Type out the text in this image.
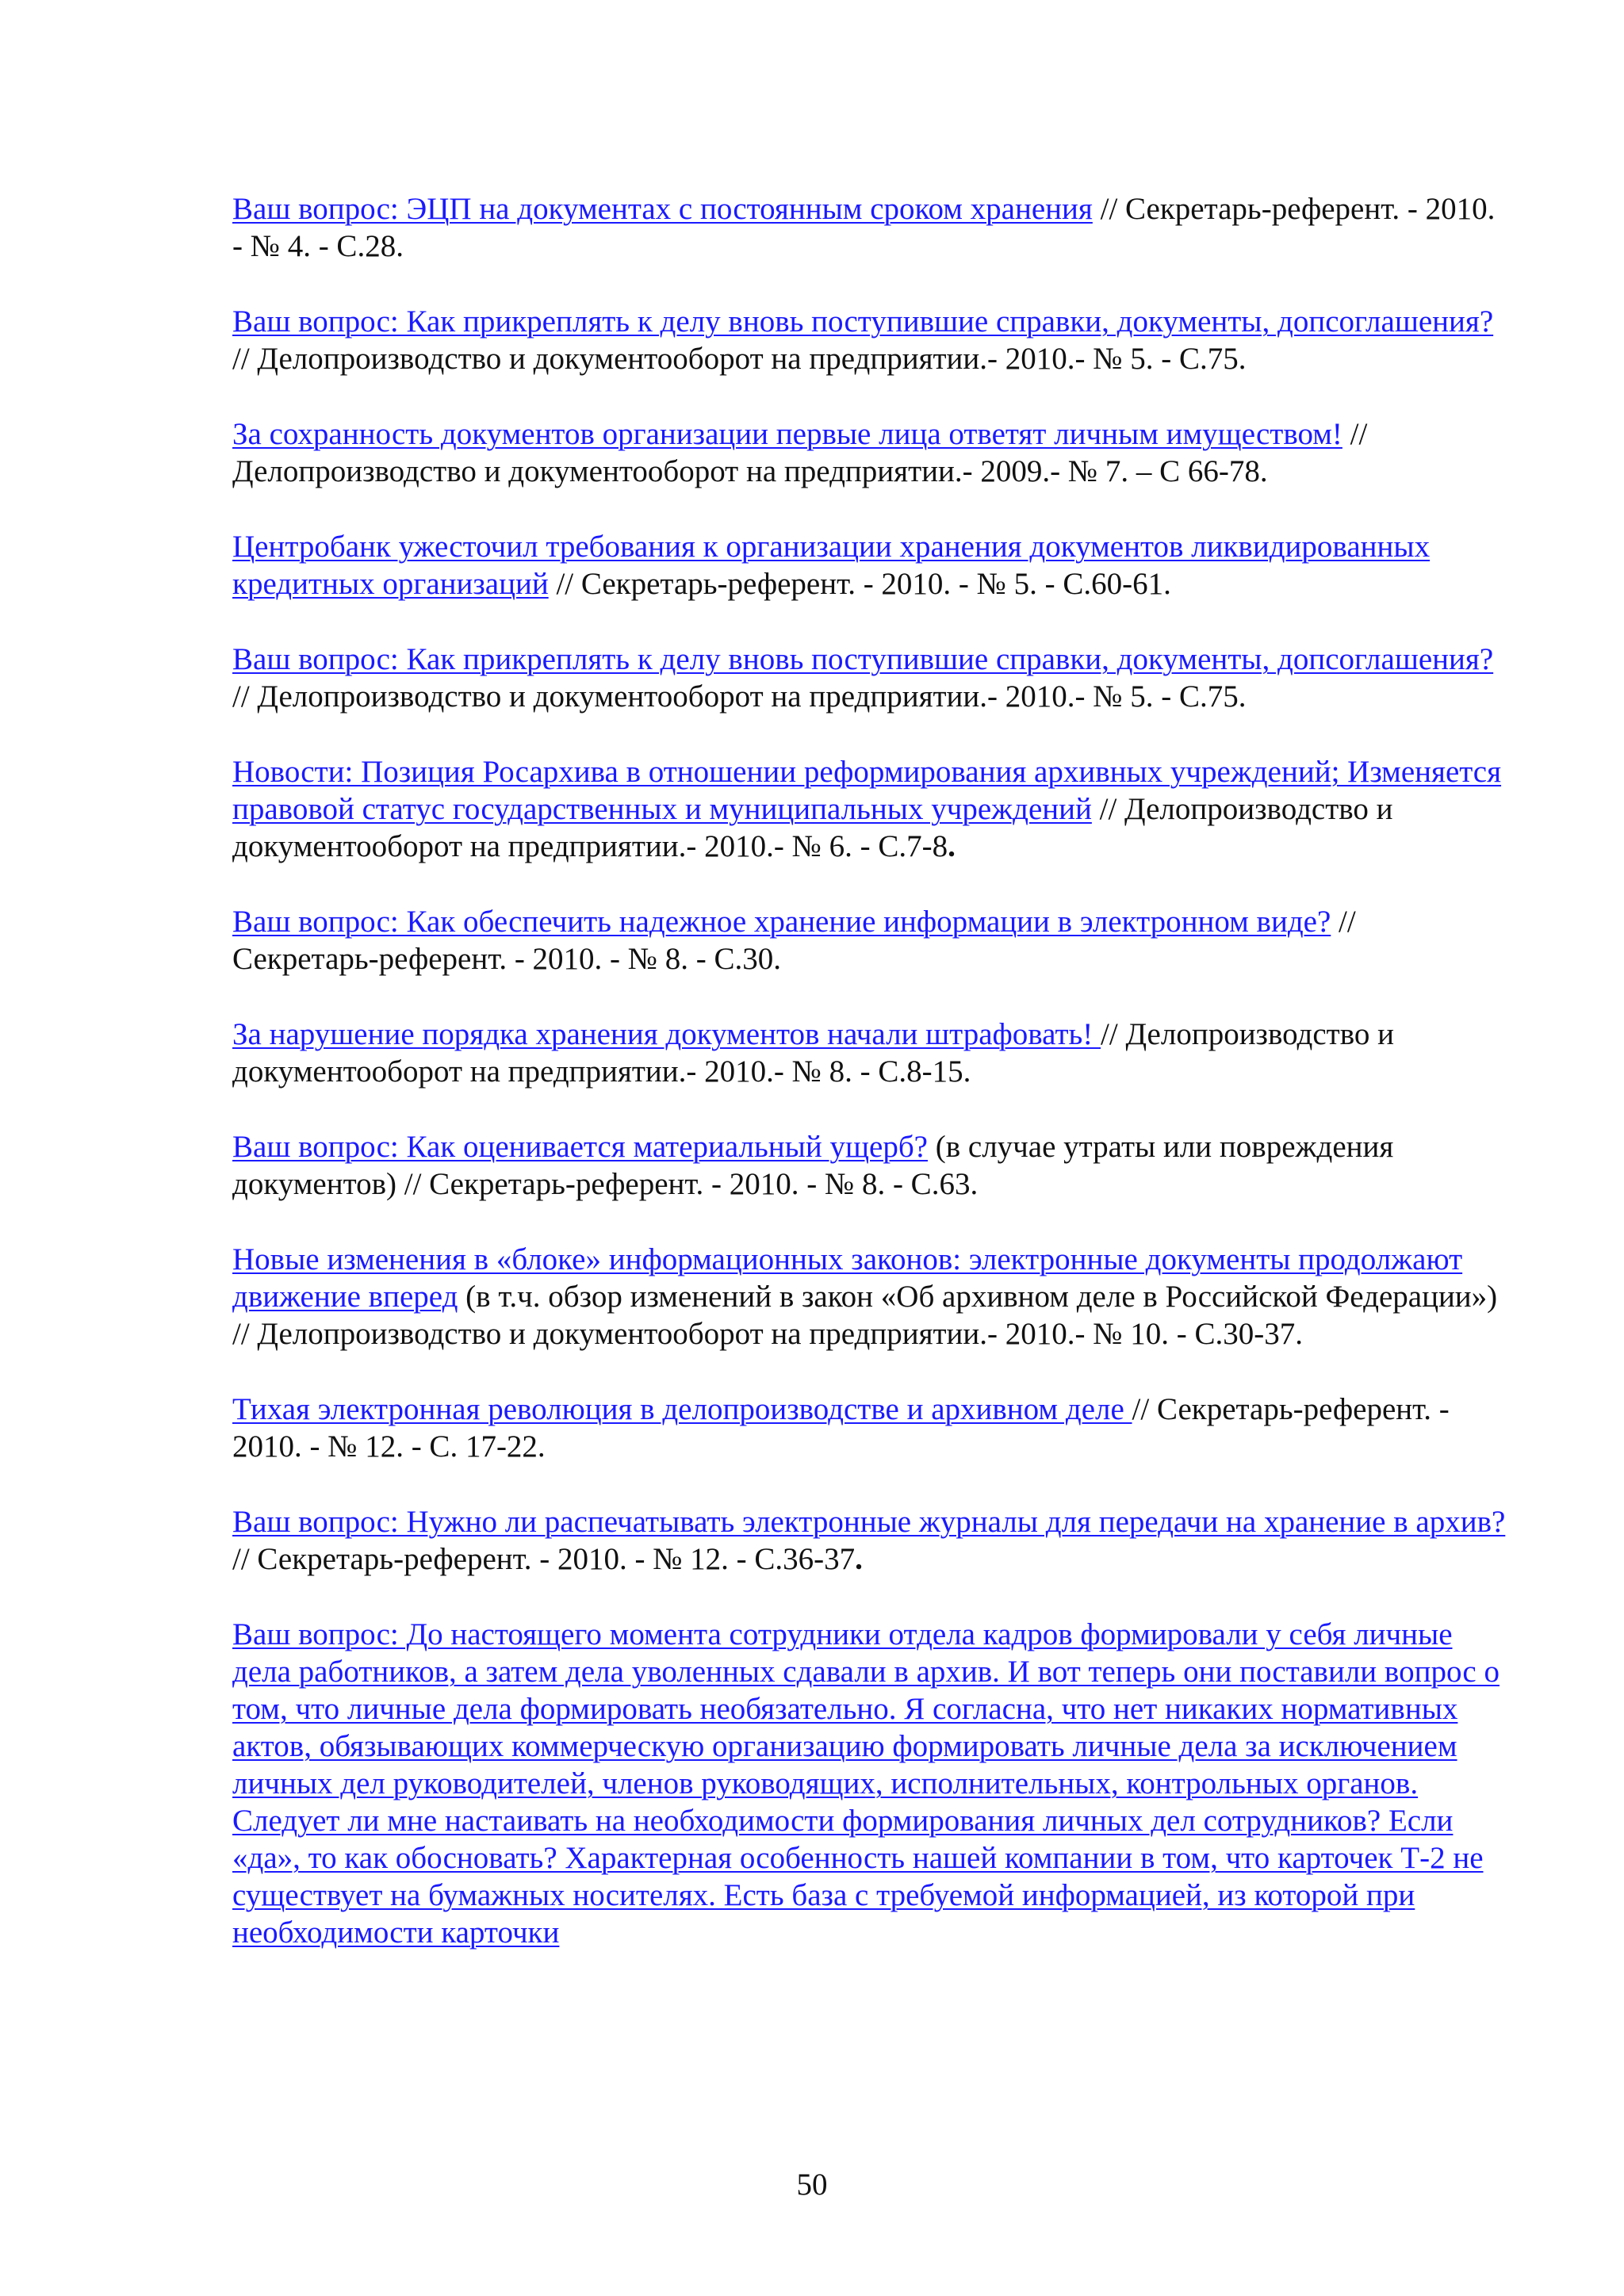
Ваш вопрос: ЭЦП на документах с постоянным сроком хранения // Секретарь-референт. - 2010. - № 4. - С.28.

Ваш вопрос: Как прикреплять к делу вновь поступившие справки, документы, допсоглашения? // Делопроизводство и документооборот на предприятии.- 2010.- № 5. - С.75.

За сохранность документов организации первые лица ответят личным имуществом! // Делопроизводство и документооборот на предприятии.- 2009.- № 7. – С 66-78.

Центробанк ужесточил требования к организации хранения документов ликвидированных кредитных организаций // Секретарь-референт. - 2010. - № 5. - С.60-61.

Ваш вопрос: Как прикреплять к делу вновь поступившие справки, документы, допсоглашения? // Делопроизводство и документооборот на предприятии.- 2010.- № 5. - С.75.

Новости: Позиция Росархива в отношении реформирования архивных учреждений; Изменяется правовой статус государственных и муниципальных учреждений // Делопроизводство и документооборот на предприятии.- 2010.- № 6. - С.7-8.

Ваш вопрос: Как обеспечить надежное хранение информации в электронном виде? // Секретарь-референт. - 2010. - № 8. - С.30.

За нарушение порядка хранения документов начали штрафовать! // Делопроизводство и документооборот на предприятии.- 2010.- № 8. - С.8-15.

Ваш вопрос: Как оценивается материальный ущерб? (в случае утраты или повреждения документов) // Секретарь-референт. - 2010. - № 8. - С.63.

Новые изменения в «блоке» информационных законов: электронные документы продолжают движение вперед (в т.ч. обзор изменений в закон «Об архивном деле в Российской Федерации») // Делопроизводство и документооборот на предприятии.- 2010.- № 10. - С.30-37.

Тихая электронная революция в делопроизводстве и архивном деле // Секретарь-референт. - 2010. - № 12. - С. 17-22.

Ваш вопрос: Нужно ли распечатывать электронные журналы для передачи на хранение в архив? // Секретарь-референт. - 2010. - № 12. - С.36-37.

Ваш вопрос: До настоящего момента сотрудники отдела кадров формировали у себя личные дела работников, а затем дела уволенных сдавали в архив. И вот теперь они поставили вопрос о том, что личные дела формировать необязательно. Я согласна, что нет никаких нормативных актов, обязывающих коммерческую организацию формировать личные дела за исключением личных дел руководителей, членов руководящих, исполнительных, контрольных органов. Следует ли мне настаивать на необходимости формирования личных дел сотрудников? Если «да», то как обосновать? Характерная особенность нашей компании в том, что карточек Т-2 не существует на бумажных носителях. Есть база с требуемой информацией, из которой при необходимости карточки

50
